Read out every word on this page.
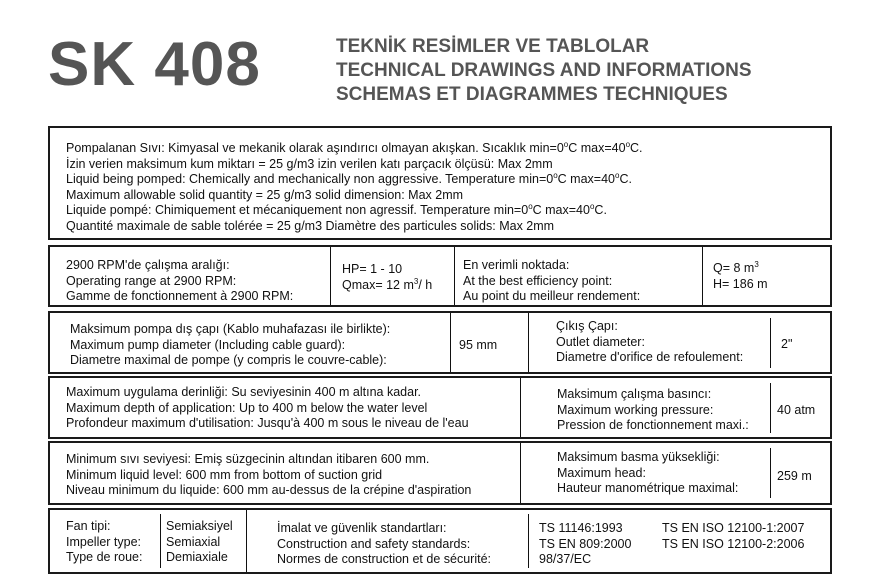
SK 408	TEKNİK RESİMLER VE TABLOLAR
TECHNICAL DRAWINGS AND INFORMATIONS
SCHEMAS ET DIAGRAMMES TECHNIQUES
Pompalanan Sıvı: Kimyasal ve mekanik olarak aşındırıcı olmayan akışkan. Sıcaklık $\min=0^oC$ $\max=40^oC$.
İzin verien maksimum kum miktarı = 25 g/m3 izin verilen katı parçacık ölçüsü: Max 2mm
Liquid being pomped: Chemically and mechanically non aggressive. Temperature $\min=0^oC$ $\max=40^oC$.
Maximum allowable solid quantity = 25 g/m3 solid dimension: Max 2mm
Liquide pompé: Chimiquement et mécaniquement non agressif. Temperature $\min=0^oC$ $\max=40^oC$.
Quantité maximale de sable tolérée = 25 g/m3 Diamètre des particules solids: Max 2mm
2900 RPM'de çalışma aralığı:
Operating range at 2900 RPM:
Gamme de fonctionnement à 2900 RPM:
HP= 1 - 10
Qmax= 12 $m^3/$ h
En verimli noktada:
At the best efficiency point:
Au point du meilleur rendement:
Q= 8 $m^3$
H= 186 m
Maksimum pompa dış çapı (Kablo muhafazası ile birlikte):
Maximum pump diameter (Including cable guard):
Diametre maximal de pompe (y compris le couvre-cable):
95 mm
Çıkış Çapı:
Outlet diameter:
Diametre d'orifice de refoulement:
2"
Maximum uygulama derinliği: Su seviyesinin 400 m altına kadar.
Maximum depth of application: Up to 400 m below the water level
Profondeur maximum d'utilisation: Jusqu'à 400 m sous le niveau de l'eau
Maksimum çalışma basıncı:
Maximum working pressure:
Pression de fonctionnement maxi.:
40 atm
Minimum sıvı seviyesi: Emiş süzgecinin altından itibaren 600 mm.
Minimum liquid level: 600 mm from bottom of suction grid
Niveau minimum du liquide: 600 mm au-dessus de la crépine d'aspiration
Maksimum basma yüksekliği:
Maximum head:
Hauteur manométrique maximal:
259 m
Fan tipi:
Impeller type:
Type de roue:
Semiaksiyel
Semiaxial
Demiaxiale
İmalat ve güvenlik standartları:
Construction and safety standards:
Normes de construction et de sécurité:
TS 11146:1993
TS EN 809:2000
98/37/EC
TS EN ISO 12100-1:2007
TS EN ISO 12100-2:2006
